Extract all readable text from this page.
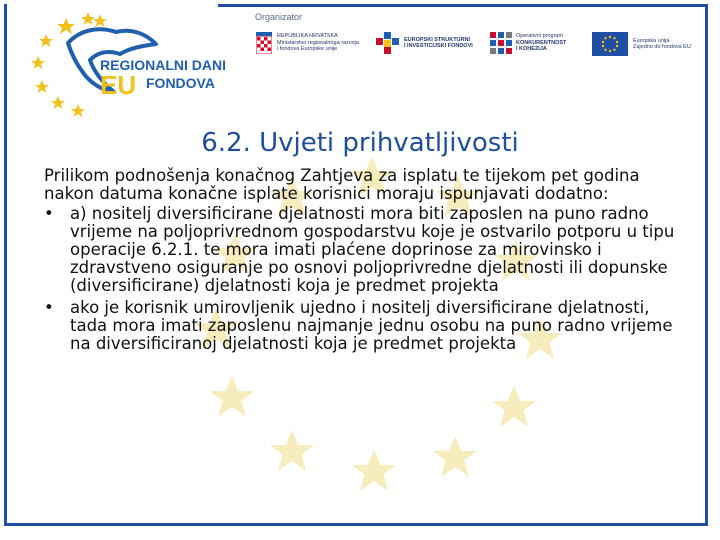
REGIONALNI DANI
EU FONDOVA
Organizator
REPUBLIKA HRVATSKA
Ministarstvo regionalnoga razvoja
i fondova Europske unije
EUROPSKI STRUKTURNI
I INVESTICIJSKI FONDOVI
Operativni program
KONKURENTNOST
I KOHEZIJA
Europska unija
Zajedno do fondova EU
6.2. Uvjeti prihvatljivosti

Prilikom podnošenja konačnog Zahtjeva za isplatu te tijekom pet godina nakon datuma konačne isplate korisnici moraju ispunjavati dodatno:

• a) nositelj diversificirane djelatnosti mora biti zaposlen na puno radno vrijeme na poljoprivrednom gospodarstvu koje je ostvarilo potporu u tipu operacije 6.2.1. te mora imati plaćene doprinose za mirovinsko i zdravstveno osiguranje po osnovi poljoprivredne djelatnosti ili dopunske (diversificirane) djelatnosti koja je predmet projekta
• ako je korisnik umirovljenik ujedno i nositelj diversificirane djelatnosti, tada mora imati zaposlenu najmanje jednu osobu na puno radno vrijeme na diversificiranoj djelatnosti koja je predmet projekta
